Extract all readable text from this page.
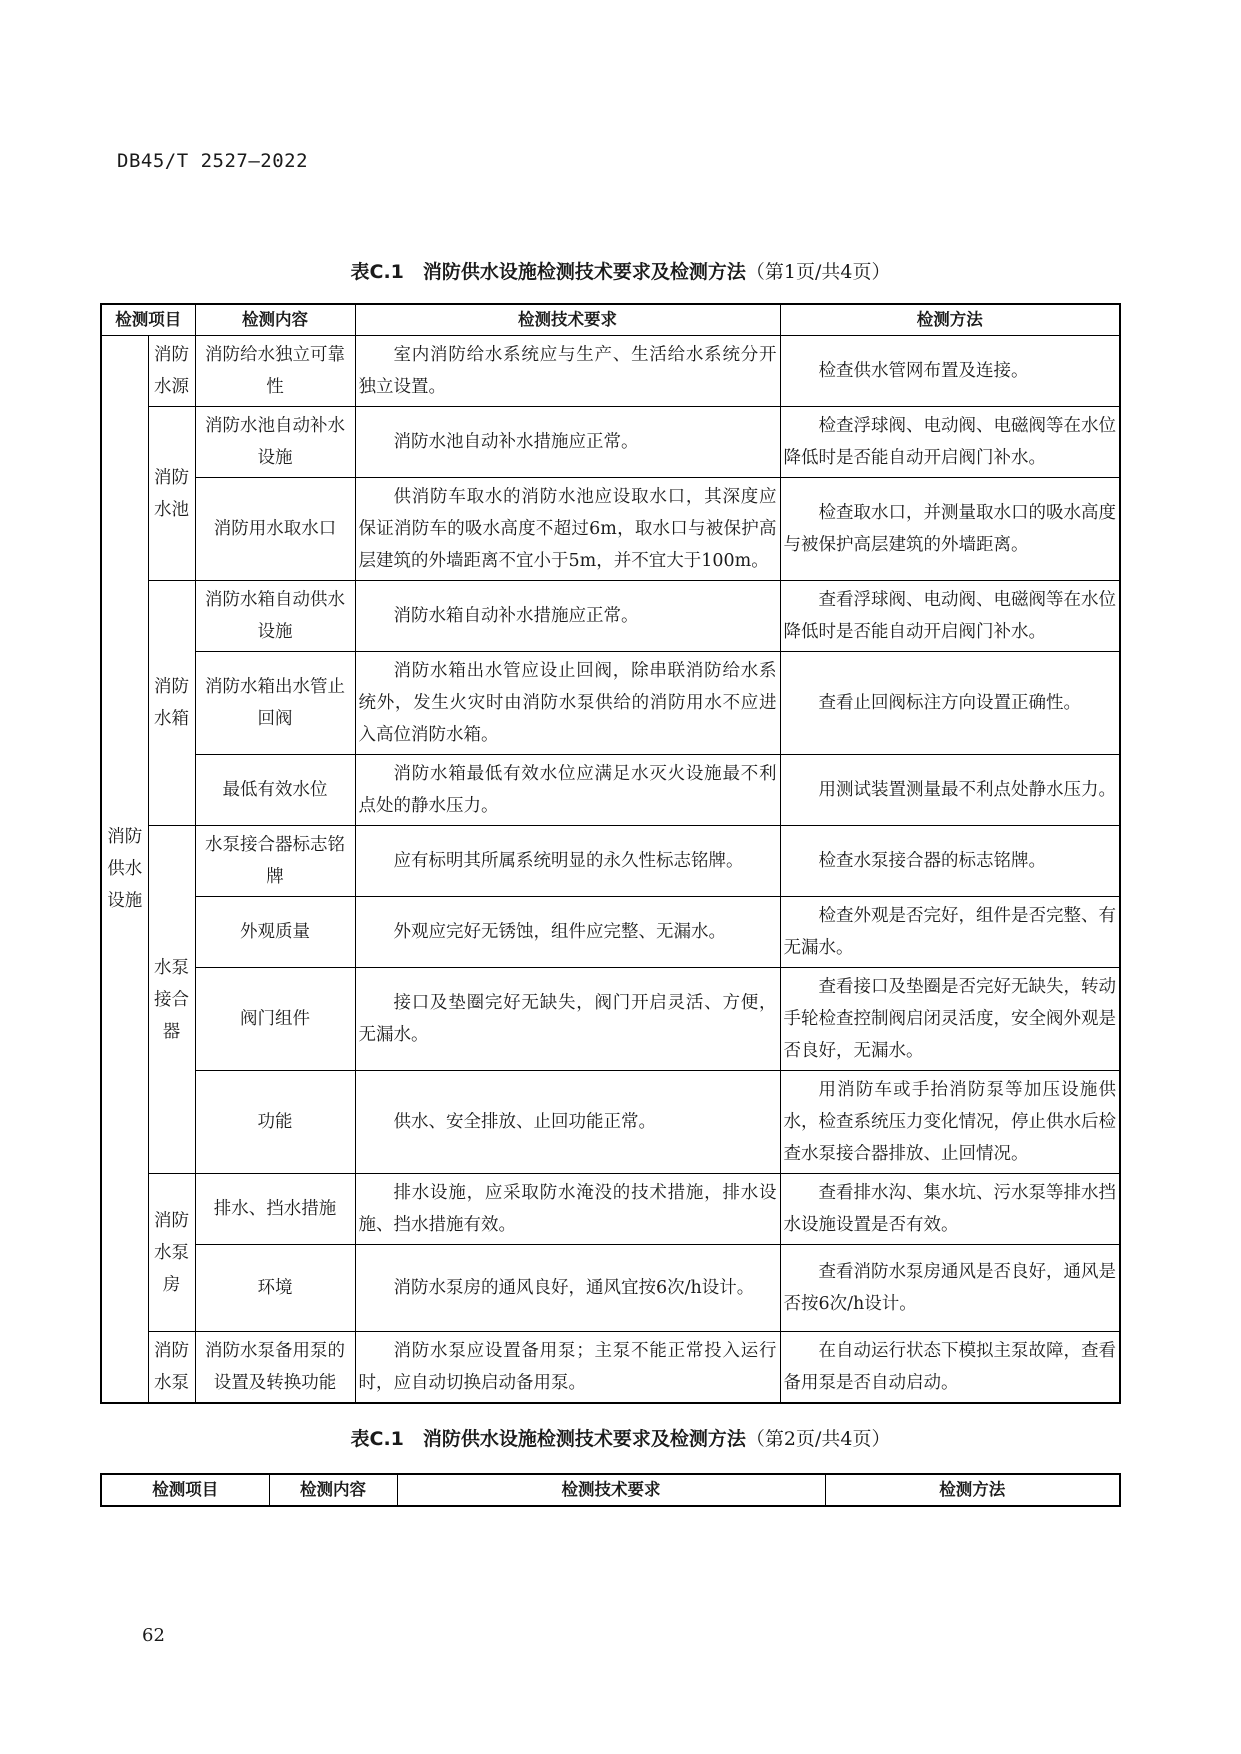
DB45/T 2527—2022
表C.1　消防供水设施检测技术要求及检测方法（第1页/共4页）
检测项目		检测内容	检测技术要求	检测方法
消防供水设施	消防水源	消防给水独立可靠性	室内消防给水系统应与生产、生活给水系统分开独立设置。	检查供水管网布置及连接。
	消防水池	消防水池自动补水设施	消防水池自动补水措施应正常。	检查浮球阀、电动阀、电磁阀等在水位降低时是否能自动开启阀门补水。
		消防用水取水口	供消防车取水的消防水池应设取水口，其深度应保证消防车的吸水高度不超过6m，取水口与被保护高层建筑的外墙距离不宜小于5m，并不宜大于100m。	检查取水口，并测量取水口的吸水高度与被保护高层建筑的外墙距离。
	消防水箱	消防水箱自动供水设施	消防水箱自动补水措施应正常。	查看浮球阀、电动阀、电磁阀等在水位降低时是否能自动开启阀门补水。
		消防水箱出水管止回阀	消防水箱出水管应设止回阀，除串联消防给水系统外，发生火灾时由消防水泵供给的消防用水不应进入高位消防水箱。	查看止回阀标注方向设置正确性。
		最低有效水位	消防水箱最低有效水位应满足水灭火设施最不利点处的静水压力。	用测试装置测量最不利点处静水压力。
	水泵接合器	水泵接合器标志铭牌	应有标明其所属系统明显的永久性标志铭牌。	检查水泵接合器的标志铭牌。
		外观质量	外观应完好无锈蚀，组件应完整、无漏水。	检查外观是否完好，组件是否完整、有无漏水。
		阀门组件	接口及垫圈完好无缺失，阀门开启灵活、方便，无漏水。	查看接口及垫圈是否完好无缺失，转动手轮检查控制阀启闭灵活度，安全阀外观是否良好，无漏水。
		功能	供水、安全排放、止回功能正常。	用消防车或手抬消防泵等加压设施供水，检查系统压力变化情况，停止供水后检查水泵接合器排放、止回情况。
	消防水泵房	排水、挡水措施	排水设施，应采取防水淹没的技术措施，排水设施、挡水措施有效。	查看排水沟、集水坑、污水泵等排水挡水设施设置是否有效。
		环境	消防水泵房的通风良好，通风宜按6次/h设计。	查看消防水泵房通风是否良好，通风是否按6次/h设计。
	消防水泵	消防水泵备用泵的设置及转换功能	消防水泵应设置备用泵；主泵不能正常投入运行时，应自动切换启动备用泵。	在自动运行状态下模拟主泵故障，查看备用泵是否自动启动。
表C.1　消防供水设施检测技术要求及检测方法（第2页/共4页）
检测项目	检测内容	检测技术要求	检测方法
62
